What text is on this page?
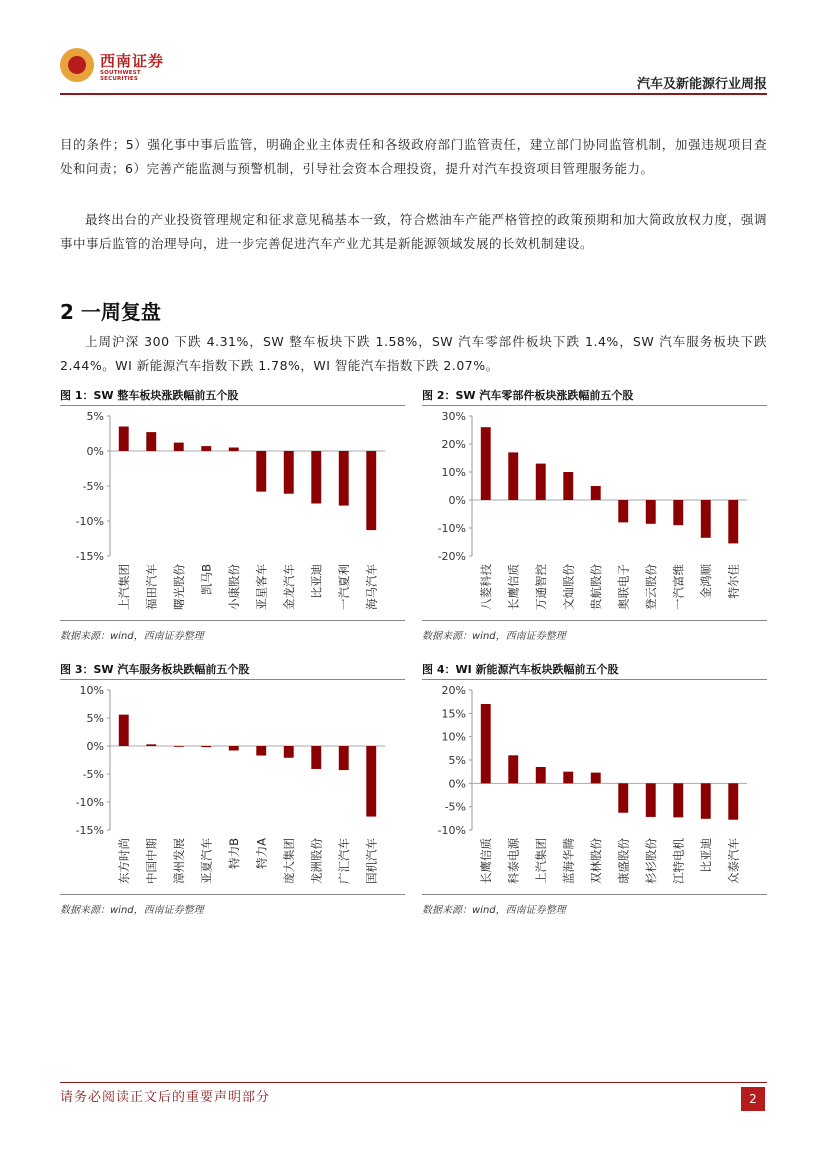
西南证券
SOUTHWEST SECURITIES	汽车及新能源行业周报
目的条件；5）强化事中事后监管，明确企业主体责任和各级政府部门监管责任，建立部门协同监管机制，加强违规项目查处和问责；6）完善产能监测与预警机制，引导社会资本合理投资，提升对汽车投资项目管理服务能力。
最终出台的产业投资管理规定和征求意见稿基本一致，符合燃油车产能严格管控的政策预期和加大简政放权力度，强调事中事后监管的治理导向，进一步完善促进汽车产业尤其是新能源领域发展的长效机制建设。
2 一周复盘
上周沪深 300 下跌 4.31%，SW 整车板块下跌 1.58%，SW 汽车零部件板块下跌 1.4%，SW 汽车服务板块下跌 2.44%。WI 新能源汽车指数下跌 1.78%，WI 智能汽车指数下跌 2.07%。
图 1：SW 整车板块涨跌幅前五个股
5%
0%
-5%
-10%
-15%
上汽集团 福田汽车 曙光股份 凯马B 小康股份 亚星客车 金龙汽车 比亚迪 一汽夏利 海马汽车
数据来源：wind，西南证券整理
图 2：SW 汽车零部件板块涨跌幅前五个股
30%
20%
10%
0%
-10%
-20%
八菱科技 长鹰信质 万通智控 文灿股份 贵航股份 奥联电子 登云股份 一汽富维 金鸿顺 特尔佳
数据来源：wind，西南证券整理
图 3：SW 汽车服务板块跌幅前五个股
10%
5%
0%
-5%
-10%
-15%
东方时尚 中国中期 漳州发展 亚夏汽车 特力B 特力A 庞大集团 龙洲股份 广汇汽车 国机汽车
数据来源：wind，西南证券整理
图 4：WI 新能源汽车板块跌幅前五个股
20%
15%
10%
5%
0%
-5%
-10%
长鹰信质 科泰电源 上汽集团 蓝海华腾 双林股份 康盛股份 杉杉股份 江特电机 比亚迪 众泰汽车
数据来源：wind，西南证券整理
请务必阅读正文后的重要声明部分	2
